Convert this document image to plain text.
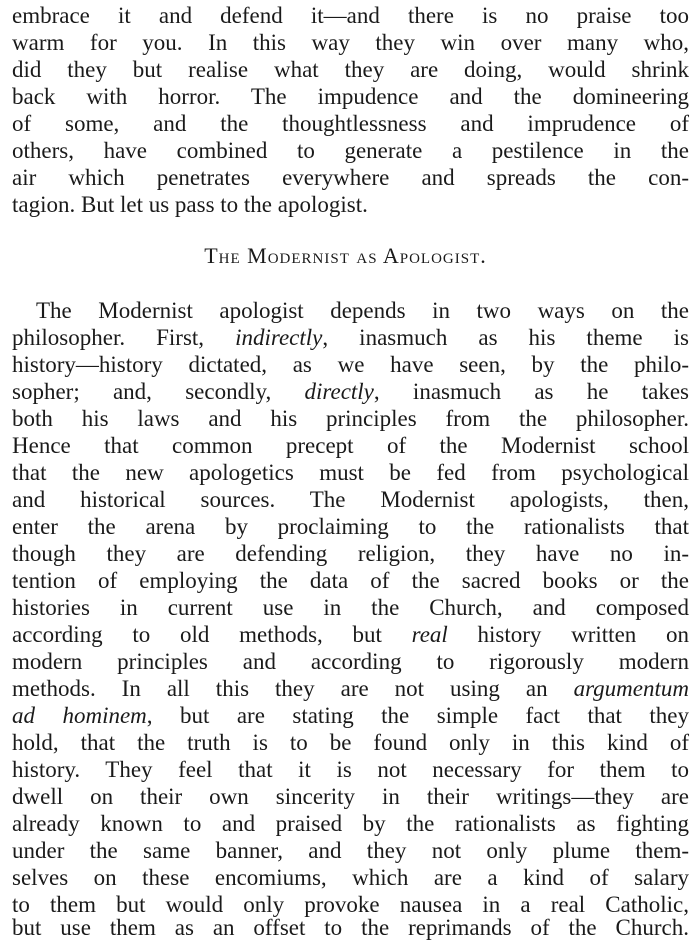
embrace it and defend it—and there is no praise too
warm for you. In this way they win over many who,
did they but realise what they are doing, would shrink
back with horror. The impudence and the domineering
of some, and the thoughtlessness and imprudence of
others, have combined to generate a pestilence in the
air which penetrates everywhere and spreads the con-
tagion. But let us pass to the apologist.
The Modernist as Apologist.
The Modernist apologist depends in two ways on the
philosopher. First, indirectly, inasmuch as his theme is
history—history dictated, as we have seen, by the philo-
sopher; and, secondly, directly, inasmuch as he takes
both his laws and his principles from the philosopher.
Hence that common precept of the Modernist school
that the new apologetics must be fed from psychological
and historical sources. The Modernist apologists, then,
enter the arena by proclaiming to the rationalists that
though they are defending religion, they have no in-
tention of employing the data of the sacred books or the
histories in current use in the Church, and composed
according to old methods, but real history written on
modern principles and according to rigorously modern
methods. In all this they are not using an argumentum
ad hominem, but are stating the simple fact that they
hold, that the truth is to be found only in this kind of
history. They feel that it is not necessary for them to
dwell on their own sincerity in their writings—they are
already known to and praised by the rationalists as fighting
under the same banner, and they not only plume them-
selves on these encomiums, which are a kind of salary
to them but would only provoke nausea in a real Catholic,
but use them as an offset to the reprimands of the Church.
